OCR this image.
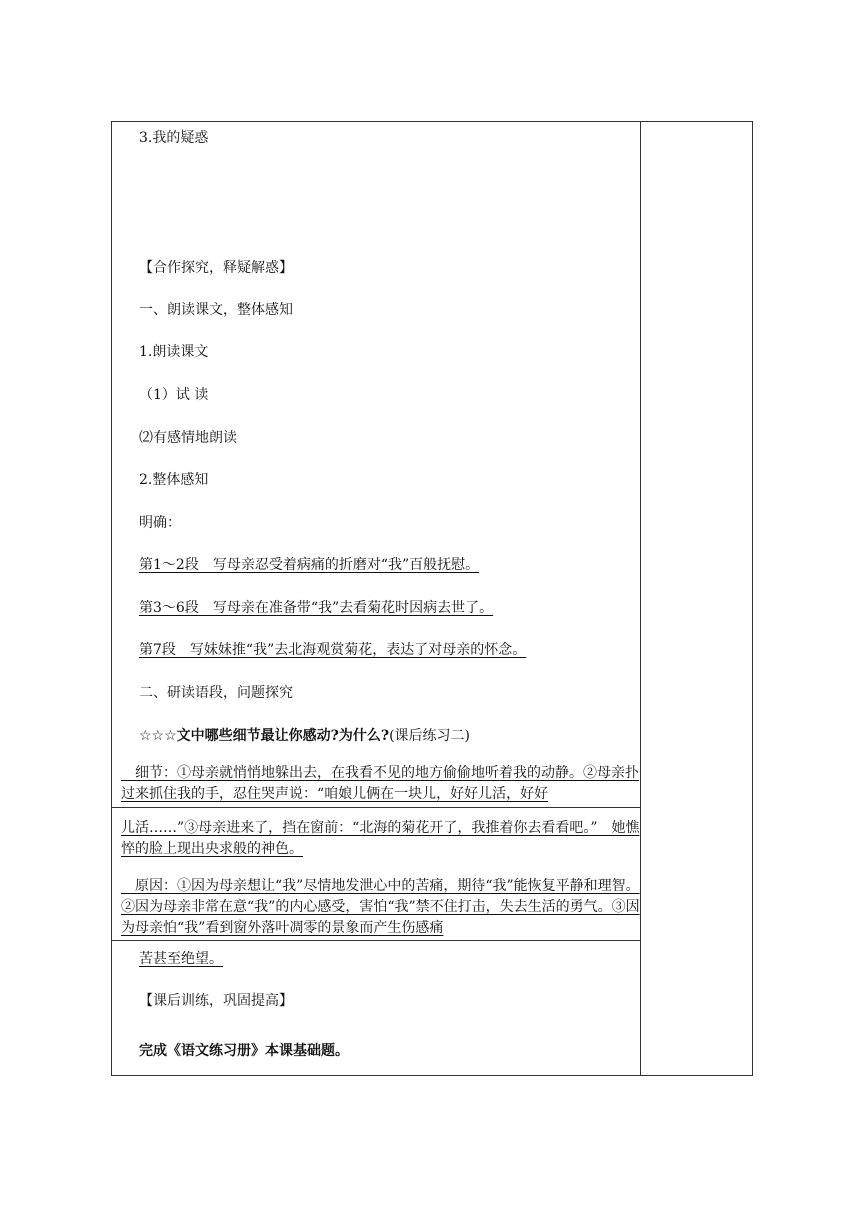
3.我的疑惑
【合作探究，释疑解惑】
一、朗读课文，整体感知
1.朗读课文
（1）试 读
⑵有感情地朗读
2.整体感知
明确：
第1～2段　写母亲忍受着病痛的折磨对“我”百般抚慰。
第3～6段　写母亲在准备带“我”去看菊花时因病去世了。
第7段　写妹妹推“我”去北海观赏菊花，表达了对母亲的怀念。
二、研读语段，问题探究
☆☆☆文中哪些细节最让你感动?为什么?(课后练习二)
　细节：①母亲就悄悄地躲出去，在我看不见的地方偷偷地听着我的动静。②母亲扑过来抓住我的手，忍住哭声说：“咱娘儿俩在一块儿，好好儿活，好好
儿活……”③母亲进来了，挡在窗前：“北海的菊花开了，我推着你去看看吧。”　她憔悴的脸上现出央求般的神色。
　原因：①因为母亲想让“我”尽情地发泄心中的苦痛，期待“我”能恢复平静和理智。②因为母亲非常在意“我”的内心感受，害怕“我”禁不住打击，失去生活的勇气。③因为母亲怕“我”看到窗外落叶凋零的景象而产生伤感痛
苦甚至绝望。
【课后训练，巩固提高】
完成《语文练习册》本课基础题。
